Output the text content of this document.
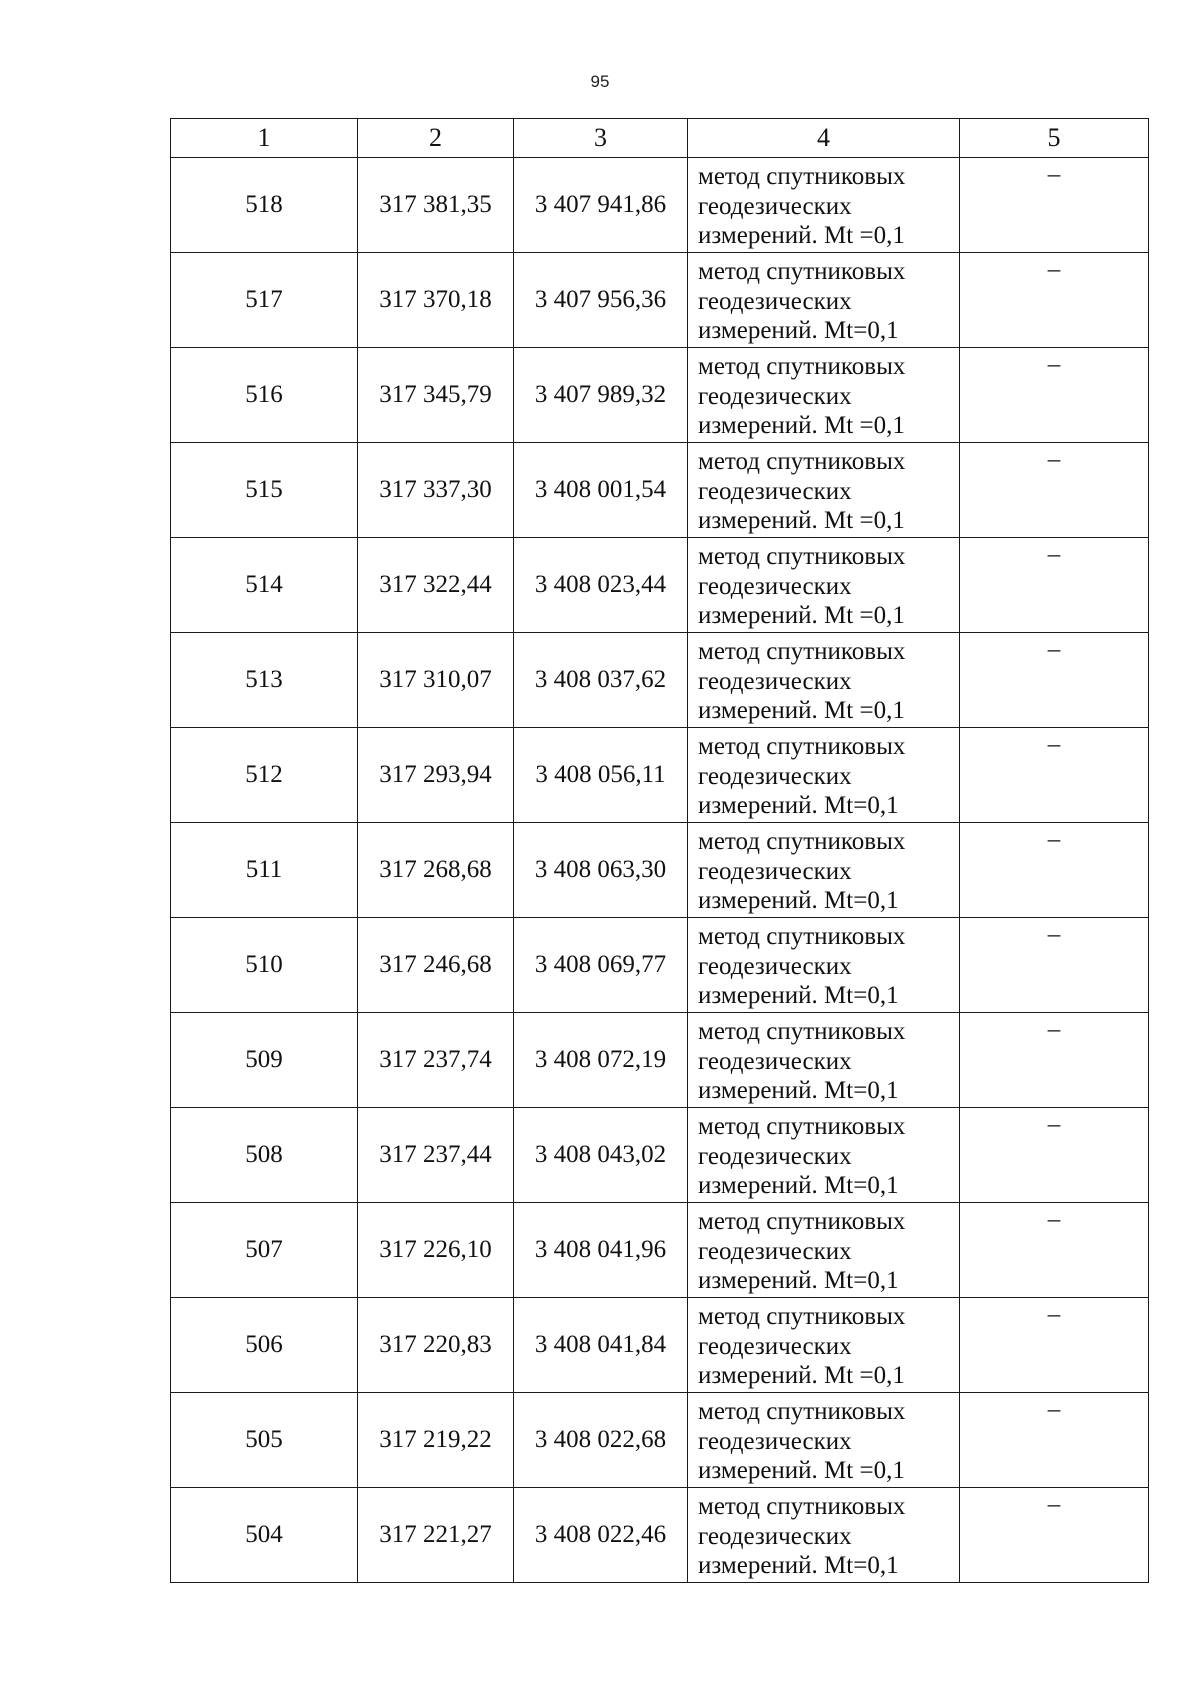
95
1	2	3	4	5
518	317 381,35	3 407 941,86	метод спутниковых
геодезических
измерений. Mt =0,1	–
517	317 370,18	3 407 956,36	метод спутниковых
геодезических
измерений. Mt=0,1	–
516	317 345,79	3 407 989,32	метод спутниковых
геодезических
измерений. Mt =0,1	–
515	317 337,30	3 408 001,54	метод спутниковых
геодезических
измерений. Mt =0,1	–
514	317 322,44	3 408 023,44	метод спутниковых
геодезических
измерений. Mt =0,1	–
513	317 310,07	3 408 037,62	метод спутниковых
геодезических
измерений. Mt =0,1	–
512	317 293,94	3 408 056,11	метод спутниковых
геодезических
измерений. Mt=0,1	–
511	317 268,68	3 408 063,30	метод спутниковых
геодезических
измерений. Mt=0,1	–
510	317 246,68	3 408 069,77	метод спутниковых
геодезических
измерений. Mt=0,1	–
509	317 237,74	3 408 072,19	метод спутниковых
геодезических
измерений. Mt=0,1	–
508	317 237,44	3 408 043,02	метод спутниковых
геодезических
измерений. Mt=0,1	–
507	317 226,10	3 408 041,96	метод спутниковых
геодезических
измерений. Mt=0,1	–
506	317 220,83	3 408 041,84	метод спутниковых
геодезических
измерений. Mt =0,1	–
505	317 219,22	3 408 022,68	метод спутниковых
геодезических
измерений. Mt =0,1	–
504	317 221,27	3 408 022,46	метод спутниковых
геодезических
измерений. Mt=0,1	–
